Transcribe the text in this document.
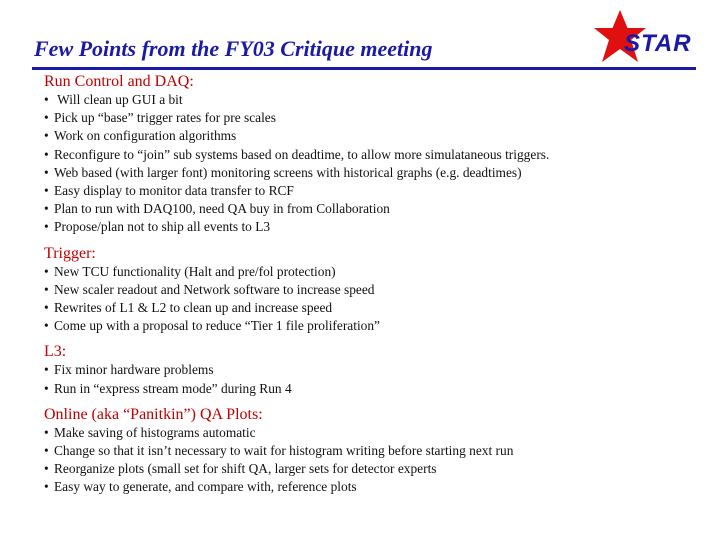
Few Points from the FY03 Critique meeting	STAR
Run Control and DAQ:
• Will clean up GUI a bit
• Pick up “base” trigger rates for pre scales
• Work on configuration algorithms
• Reconfigure to “join” sub systems based on deadtime, to allow more simulataneous triggers.
• Web based (with larger font) monitoring screens with historical graphs (e.g. deadtimes)
• Easy display to monitor data transfer to RCF
• Plan to run with DAQ100, need QA buy in from Collaboration
• Propose/plan not to ship all events to L3
Trigger:
• New TCU functionality (Halt and pre/fol protection)
• New scaler readout and Network software to increase speed
• Rewrites of L1 & L2 to clean up and increase speed
• Come up with a proposal to reduce “Tier 1 file proliferation”
L3:
• Fix minor hardware problems
• Run in “express stream mode” during Run 4
Online (aka “Panitkin”) QA Plots:
• Make saving of histograms automatic
• Change so that it isn’t necessary to wait for histogram writing before starting next run
• Reorganize plots (small set for shift QA, larger sets for detector experts
• Easy way to generate, and compare with, reference plots
